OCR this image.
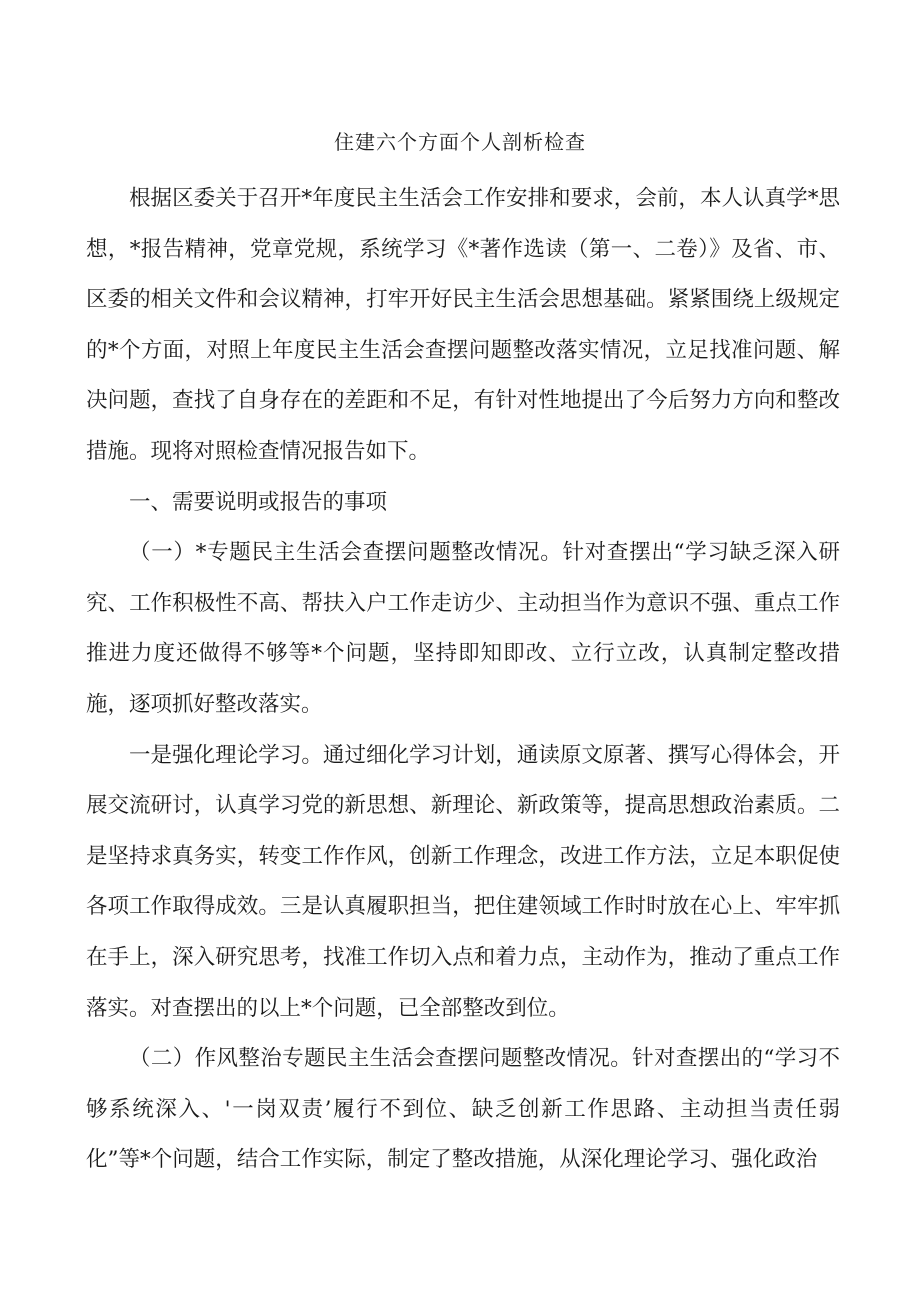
住建六个方面个人剖析检查

根据区委关于召开*年度民主生活会工作安排和要求，会前，本人认真学*思想，*报告精神，党章党规，系统学习《*著作选读（第一、二卷）》及省、市、区委的相关文件和会议精神，打牢开好民主生活会思想基础。紧紧围绕上级规定的*个方面，对照上年度民主生活会查摆问题整改落实情况，立足找准问题、解决问题，查找了自身存在的差距和不足，有针对性地提出了今后努力方向和整改措施。现将对照检查情况报告如下。

一、需要说明或报告的事项

（一）*专题民主生活会查摆问题整改情况。针对查摆出“学习缺乏深入研究、工作积极性不高、帮扶入户工作走访少、主动担当作为意识不强、重点工作推进力度还做得不够等*个问题，坚持即知即改、立行立改，认真制定整改措施，逐项抓好整改落实。

一是强化理论学习。通过细化学习计划，通读原文原著、撰写心得体会，开展交流研讨，认真学习党的新思想、新理论、新政策等，提高思想政治素质。二是坚持求真务实，转变工作作风，创新工作理念，改进工作方法，立足本职促使各项工作取得成效。三是认真履职担当，把住建领域工作时时放在心上、牢牢抓在手上，深入研究思考，找准工作切入点和着力点，主动作为，推动了重点工作落实。对查摆出的以上*个问题，已全部整改到位。

（二）作风整治专题民主生活会查摆问题整改情况。针对查摆出的“学习不够系统深入、'一岗双责’履行不到位、缺乏创新工作思路、主动担当责任弱化”等*个问题，结合工作实际，制定了整改措施，从深化理论学习、强化政治
